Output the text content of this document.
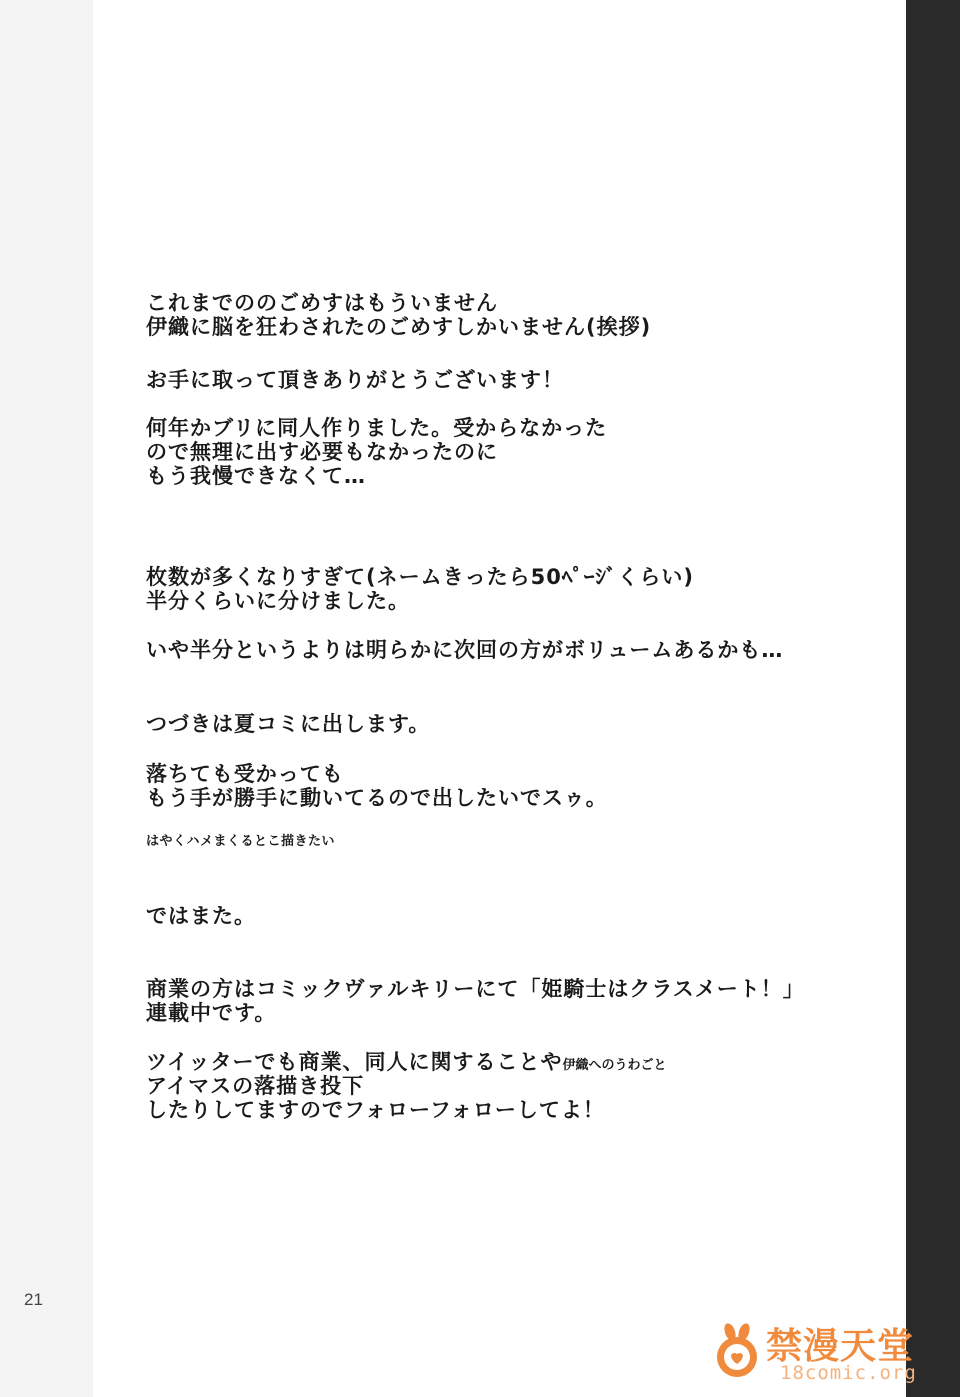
これまでののごめすはもういません
伊織に脳を狂わされたのごめすしかいません(挨拶)
お手に取って頂きありがとうございます！
何年かブリに同人作りました。受からなかった
ので無理に出す必要もなかったのに
もう我慢できなくて…
枚数が多くなりすぎて(ネームきったら50ﾍﾟｰｼﾞくらい)
半分くらいに分けました。
いや半分というよりは明らかに次回の方がボリュームあるかも…
つづきは夏コミに出します。
落ちても受かっても
もう手が勝手に動いてるので出したいでスゥ。
はやくハメまくるとこ描きたい
ではまた。
商業の方はコミックヴァルキリーにて「姫騎士はクラスメート！」
連載中です。
ツイッターでも商業、同人に関することや伊織へのうわごと
アイマスの落描き投下
したりしてますのでフォローフォローしてよ！
21
禁漫天堂
18comic.org
